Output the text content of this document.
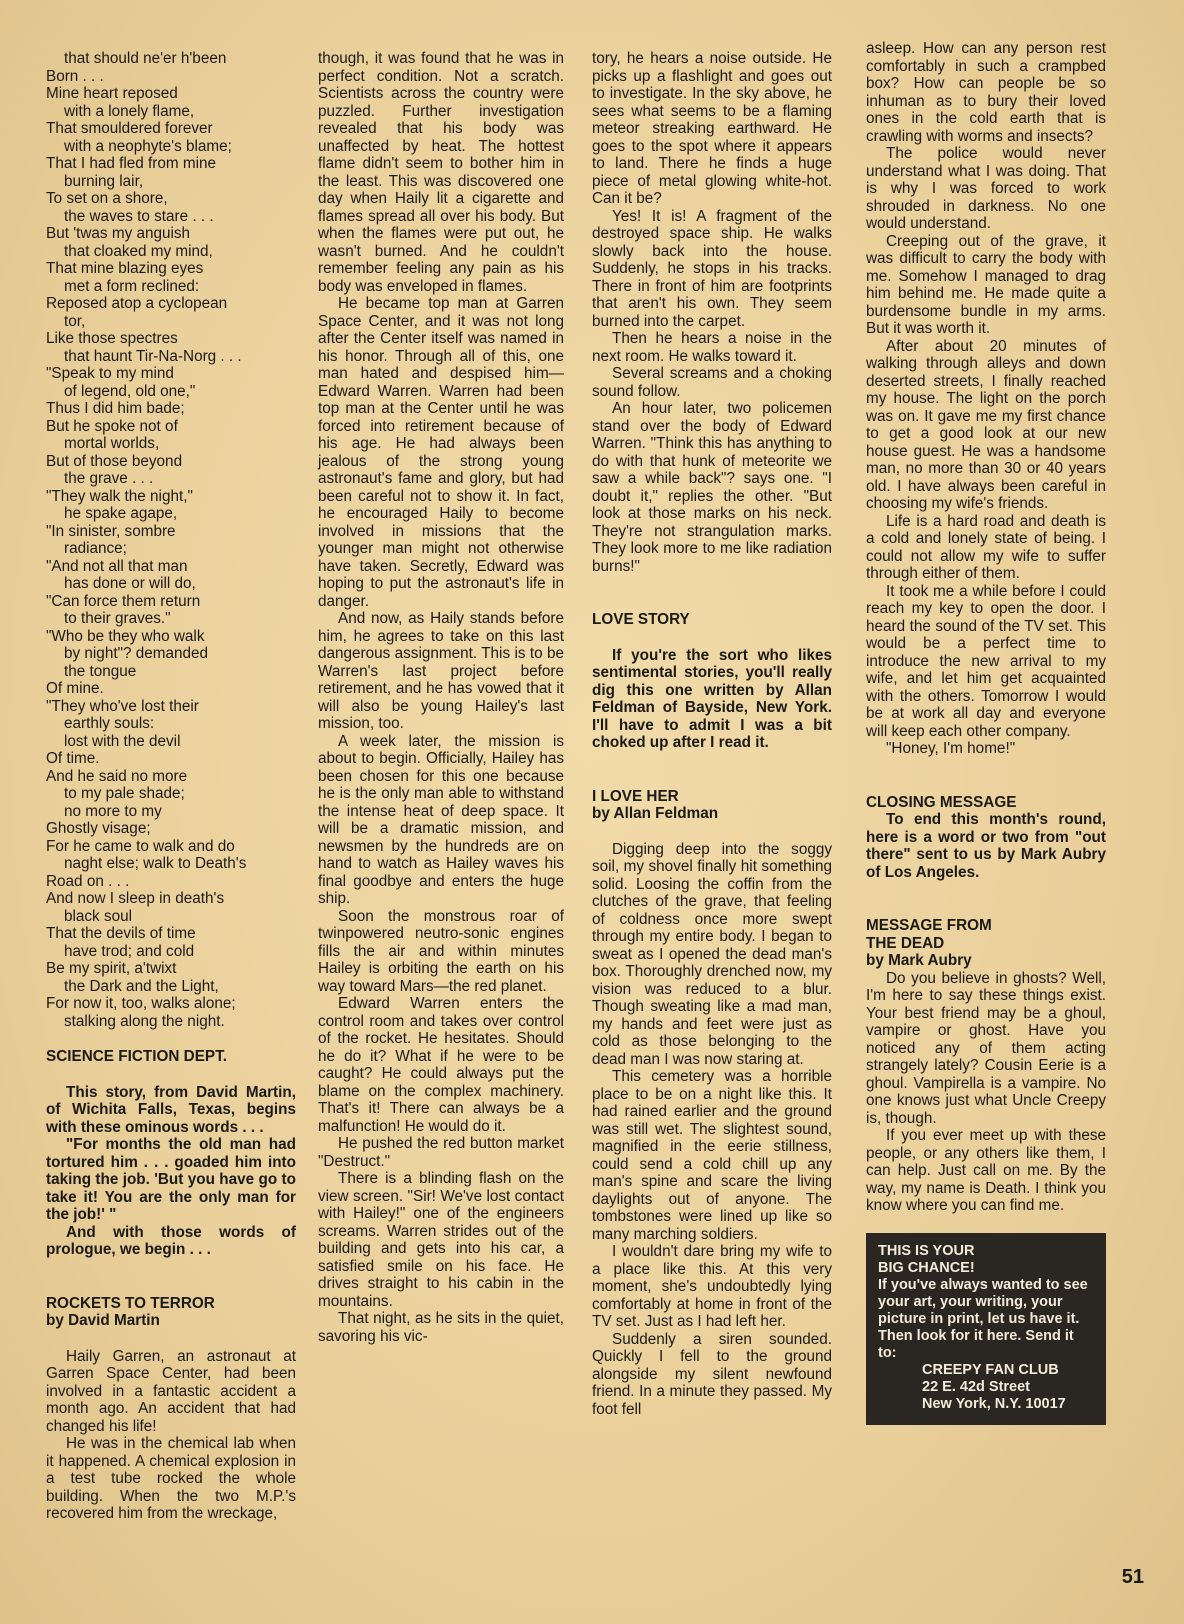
that should ne'er h'been

Born . . .

Mine heart reposed

with a lonely flame,

That smouldered forever

with a neophyte's blame;

That I had fled from mine

burning lair,

To set on a shore,

the waves to stare . . .

But 'twas my anguish

that cloaked my mind,

That mine blazing eyes

met a form reclined:

Reposed atop a cyclopean

tor,

Like those spectres

that haunt Tir-Na-Norg . . .

"Speak to my mind

of legend, old one,"

Thus I did him bade;

But he spoke not of

mortal worlds,

But of those beyond

the grave . . .

"They walk the night,"

he spake agape,

"In sinister, sombre

radiance;

"And not all that man

has done or will do,

"Can force them return

to their graves."

"Who be they who walk

by night"? demanded

the tongue

Of mine.

"They who've lost their

earthly souls:

lost with the devil

Of time.

And he said no more

to my pale shade;

no more to my

Ghostly visage;

For he came to walk and do

naght else; walk to Death's

Road on . . .

And now I sleep in death's

black soul

That the devils of time

have trod; and cold

Be my spirit, a'twixt

the Dark and the Light,

For now it, too, walks alone;

stalking along the night.

SCIENCE FICTION DEPT.

This story, from David Martin, of Wichita Falls, Texas, begins with these ominous words . . .

"For months the old man had tortured him . . . goaded him into taking the job. 'But you have go to take it! You are the only man for the job!' "

And with those words of prologue, we begin . . .

ROCKETS TO TERROR
by David Martin

Haily Garren, an astronaut at Garren Space Center, had been involved in a fantastic accident a month ago. An accident that had changed his life!

He was in the chemical lab when it happened. A chemical explosion in a test tube rocked the whole building. When the two M.P.'s recovered him from the wreckage,

though, it was found that he was in perfect condition. Not a scratch. Scientists across the country were puzzled. Further investigation revealed that his body was unaffected by heat. The hottest flame didn't seem to bother him in the least. This was discovered one day when Haily lit a cigarette and flames spread all over his body. But when the flames were put out, he wasn't burned. And he couldn't remember feeling any pain as his body was enveloped in flames.

He became top man at Garren Space Center, and it was not long after the Center itself was named in his honor. Through all of this, one man hated and despised him—Edward Warren. Warren had been top man at the Center until he was forced into retirement because of his age. He had always been jealous of the strong young astronaut's fame and glory, but had been careful not to show it. In fact, he encouraged Haily to become involved in missions that the younger man might not otherwise have taken. Secretly, Edward was hoping to put the astronaut's life in danger.

And now, as Haily stands before him, he agrees to take on this last dangerous assignment. This is to be Warren's last project before retirement, and he has vowed that it will also be young Hailey's last mission, too.

A week later, the mission is about to begin. Officially, Hailey has been chosen for this one because he is the only man able to withstand the intense heat of deep space. It will be a dramatic mission, and newsmen by the hundreds are on hand to watch as Hailey waves his final goodbye and enters the huge ship.

Soon the monstrous roar of twinpowered neutro-sonic engines fills the air and within minutes Hailey is orbiting the earth on his way toward Mars—the red planet.

Edward Warren enters the control room and takes over control of the rocket. He hesitates. Should he do it? What if he were to be caught? He could always put the blame on the complex machinery. That's it! There can always be a malfunction! He would do it.

He pushed the red button market "Destruct."

There is a blinding flash on the view screen. "Sir! We've lost contact with Hailey!" one of the engineers screams. Warren strides out of the building and gets into his car, a satisfied smile on his face. He drives straight to his cabin in the mountains.

That night, as he sits in the quiet, savoring his vic-

tory, he hears a noise outside. He picks up a flashlight and goes out to investigate. In the sky above, he sees what seems to be a flaming meteor streaking earthward. He goes to the spot where it appears to land. There he finds a huge piece of metal glowing white-hot. Can it be?

Yes! It is! A fragment of the destroyed space ship. He walks slowly back into the house. Suddenly, he stops in his tracks. There in front of him are footprints that aren't his own. They seem burned into the carpet.

Then he hears a noise in the next room. He walks toward it.

Several screams and a choking sound follow.

An hour later, two policemen stand over the body of Edward Warren. "Think this has anything to do with that hunk of meteorite we saw a while back"? says one. "I doubt it," replies the other. "But look at those marks on his neck. They're not strangulation marks. They look more to me like radiation burns!"

LOVE STORY

If you're the sort who likes sentimental stories, you'll really dig this one written by Allan Feldman of Bayside, New York. I'll have to admit I was a bit choked up after I read it.

I LOVE HER
by Allan Feldman

Digging deep into the soggy soil, my shovel finally hit something solid. Loosing the coffin from the clutches of the grave, that feeling of coldness once more swept through my entire body. I began to sweat as I opened the dead man's box. Thoroughly drenched now, my vision was reduced to a blur. Though sweating like a mad man, my hands and feet were just as cold as those belonging to the dead man I was now staring at.

This cemetery was a horrible place to be on a night like this. It had rained earlier and the ground was still wet. The slightest sound, magnified in the eerie stillness, could send a cold chill up any man's spine and scare the living daylights out of anyone. The tombstones were lined up like so many marching soldiers.

I wouldn't dare bring my wife to a place like this. At this very moment, she's undoubtedly lying comfortably at home in front of the TV set. Just as I had left her.

Suddenly a siren sounded. Quickly I fell to the ground alongside my silent newfound friend. In a minute they passed. My foot fell

asleep. How can any person rest comfortably in such a crampbed box? How can people be so inhuman as to bury their loved ones in the cold earth that is crawling with worms and insects?

The police would never understand what I was doing. That is why I was forced to work shrouded in darkness. No one would understand.

Creeping out of the grave, it was difficult to carry the body with me. Somehow I managed to drag him behind me. He made quite a burdensome bundle in my arms. But it was worth it.

After about 20 minutes of walking through alleys and down deserted streets, I finally reached my house. The light on the porch was on. It gave me my first chance to get a good look at our new house guest. He was a handsome man, no more than 30 or 40 years old. I have always been careful in choosing my wife's friends.

Life is a hard road and death is a cold and lonely state of being. I could not allow my wife to suffer through either of them.

It took me a while before I could reach my key to open the door. I heard the sound of the TV set. This would be a perfect time to introduce the new arrival to my wife, and let him get acquainted with the others. Tomorrow I would be at work all day and everyone will keep each other company.

"Honey, I'm home!"

CLOSING MESSAGE

To end this month's round, here is a word or two from "out there" sent to us by Mark Aubry of Los Angeles.

MESSAGE FROM
THE DEAD
by Mark Aubry

Do you believe in ghosts? Well, I'm here to say these things exist. Your best friend may be a ghoul, vampire or ghost. Have you noticed any of them acting strangely lately? Cousin Eerie is a ghoul. Vampirella is a vampire. No one knows just what Uncle Creepy is, though.

If you ever meet up with these people, or any others like them, I can help. Just call on me. By the way, my name is Death. I think you know where you can find me.

THIS IS YOUR

BIG CHANCE!

If you've always wanted to see your art, your writing, your picture in print, let us have it. Then look for it here. Send it to:

CREEPY FAN CLUB

22 E. 42d Street

New York, N.Y. 10017

51
